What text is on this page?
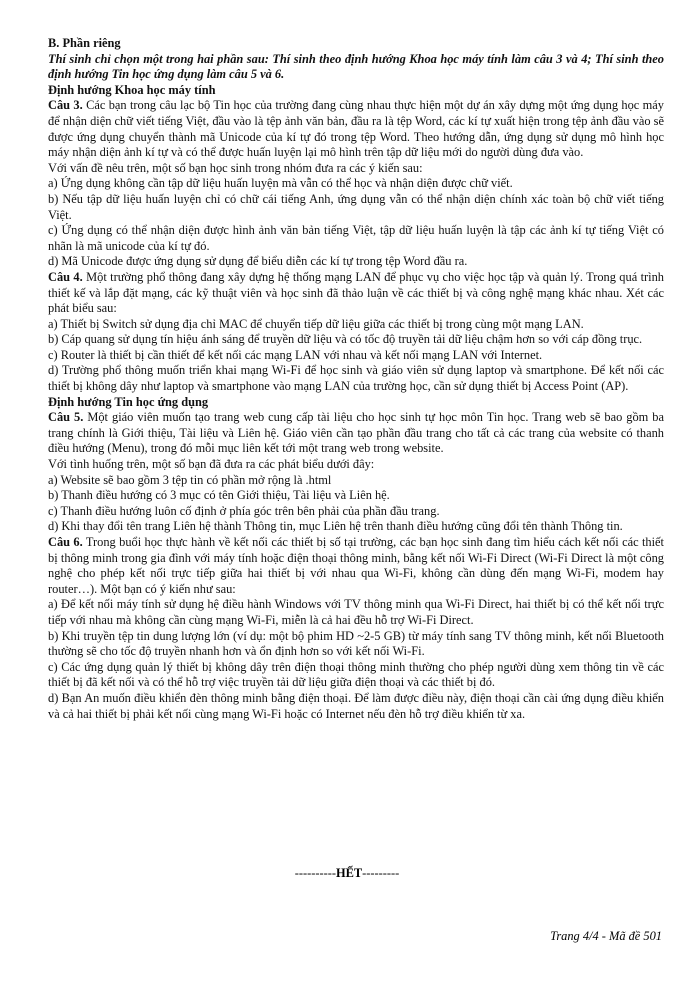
B. Phần riêng

Thí sinh chỉ chọn một trong hai phần sau: Thí sinh theo định hướng Khoa học máy tính làm câu 3 và 4; Thí sinh theo định hướng Tin học ứng dụng làm câu 5 và 6.

Định hướng Khoa học máy tính

Câu 3. Các bạn trong câu lạc bộ Tin học của trường đang cùng nhau thực hiện một dự án xây dựng một ứng dụng học máy để nhận diện chữ viết tiếng Việt, đầu vào là tệp ảnh văn bản, đầu ra là tệp Word, các kí tự xuất hiện trong tệp ảnh đầu vào sẽ được ứng dụng chuyển thành mã Unicode của kí tự đó trong tệp Word. Theo hướng dẫn, ứng dụng sử dụng mô hình học máy nhận diện ảnh kí tự và có thể được huấn luyện lại mô hình trên tập dữ liệu mới do người dùng đưa vào.

Với vấn đề nêu trên, một số bạn học sinh trong nhóm đưa ra các ý kiến sau:

a) Ứng dụng không cần tập dữ liệu huấn luyện mà vẫn có thể học và nhận diện được chữ viết.

b) Nếu tập dữ liệu huấn luyện chỉ có chữ cái tiếng Anh, ứng dụng vẫn có thể nhận diện chính xác toàn bộ chữ viết tiếng Việt.

c) Ứng dụng có thể nhận diện được hình ảnh văn bản tiếng Việt, tập dữ liệu huấn luyện là tập các ảnh kí tự tiếng Việt có nhãn là mã unicode của kí tự đó.

d) Mã Unicode được ứng dụng sử dụng để biểu diễn các kí tự trong tệp Word đầu ra.

Câu 4. Một trường phổ thông đang xây dựng hệ thống mạng LAN để phục vụ cho việc học tập và quản lý. Trong quá trình thiết kế và lắp đặt mạng, các kỹ thuật viên và học sinh đã thảo luận về các thiết bị và công nghệ mạng khác nhau. Xét các phát biểu sau:

a) Thiết bị Switch sử dụng địa chỉ MAC để chuyển tiếp dữ liệu giữa các thiết bị trong cùng một mạng LAN.

b) Cáp quang sử dụng tín hiệu ánh sáng để truyền dữ liệu và có tốc độ truyền tải dữ liệu chậm hơn so với cáp đồng trục.

c) Router là thiết bị cần thiết để kết nối các mạng LAN với nhau và kết nối mạng LAN với Internet.

d) Trường phổ thông muốn triển khai mạng Wi-Fi để học sinh và giáo viên sử dụng laptop và smartphone. Để kết nối các thiết bị không dây như laptop và smartphone vào mạng LAN của trường học, cần sử dụng thiết bị Access Point (AP).

Định hướng Tin học ứng dụng

Câu 5. Một giáo viên muốn tạo trang web cung cấp tài liệu cho học sinh tự học môn Tin học. Trang web sẽ bao gồm ba trang chính là Giới thiệu, Tài liệu và Liên hệ. Giáo viên cần tạo phần đầu trang cho tất cả các trang của website có thanh điều hướng (Menu), trong đó mỗi mục liên kết tới một trang web trong website.

Với tình huống trên, một số bạn đã đưa ra các phát biểu dưới đây:

a) Website sẽ bao gồm 3 tệp tin có phần mở rộng là .html

b) Thanh điều hướng có 3 mục có tên Giới thiệu, Tài liệu và Liên hệ.

c) Thanh điều hướng luôn cố định ở phía góc trên bên phải của phần đầu trang.

d) Khi thay đổi tên trang Liên hệ thành Thông tin, mục Liên hệ trên thanh điều hướng cũng đổi tên thành Thông tin.

Câu 6. Trong buổi học thực hành về kết nối các thiết bị số tại trường, các bạn học sinh đang tìm hiểu cách kết nối các thiết bị thông minh trong gia đình với máy tính hoặc điện thoại thông minh, bằng kết nối Wi-Fi Direct (Wi-Fi Direct là một công nghệ cho phép kết nối trực tiếp giữa hai thiết bị với nhau qua Wi-Fi, không cần dùng đến mạng Wi-Fi, modem hay router…). Một bạn có ý kiến như sau:

a) Để kết nối máy tính sử dụng hệ điều hành Windows với TV thông minh qua Wi-Fi Direct, hai thiết bị có thể kết nối trực tiếp với nhau mà không cần cùng mạng Wi-Fi, miễn là cả hai đều hỗ trợ Wi-Fi Direct.

b) Khi truyền tệp tin dung lượng lớn (ví dụ: một bộ phim HD ~2-5 GB) từ máy tính sang TV thông minh, kết nối Bluetooth thường sẽ cho tốc độ truyền nhanh hơn và ổn định hơn so với kết nối Wi-Fi.

c) Các ứng dụng quản lý thiết bị không dây trên điện thoại thông minh thường cho phép người dùng xem thông tin về các thiết bị đã kết nối và có thể hỗ trợ việc truyền tải dữ liệu giữa điện thoại và các thiết bị đó.

d) Bạn An muốn điều khiển đèn thông minh bằng điện thoại. Để làm được điều này, điện thoại cần cài ứng dụng điều khiển và cả hai thiết bị phải kết nối cùng mạng Wi-Fi hoặc có Internet nếu đèn hỗ trợ điều khiển từ xa.

----------HẾT---------
Trang 4/4 - Mã đề 501
